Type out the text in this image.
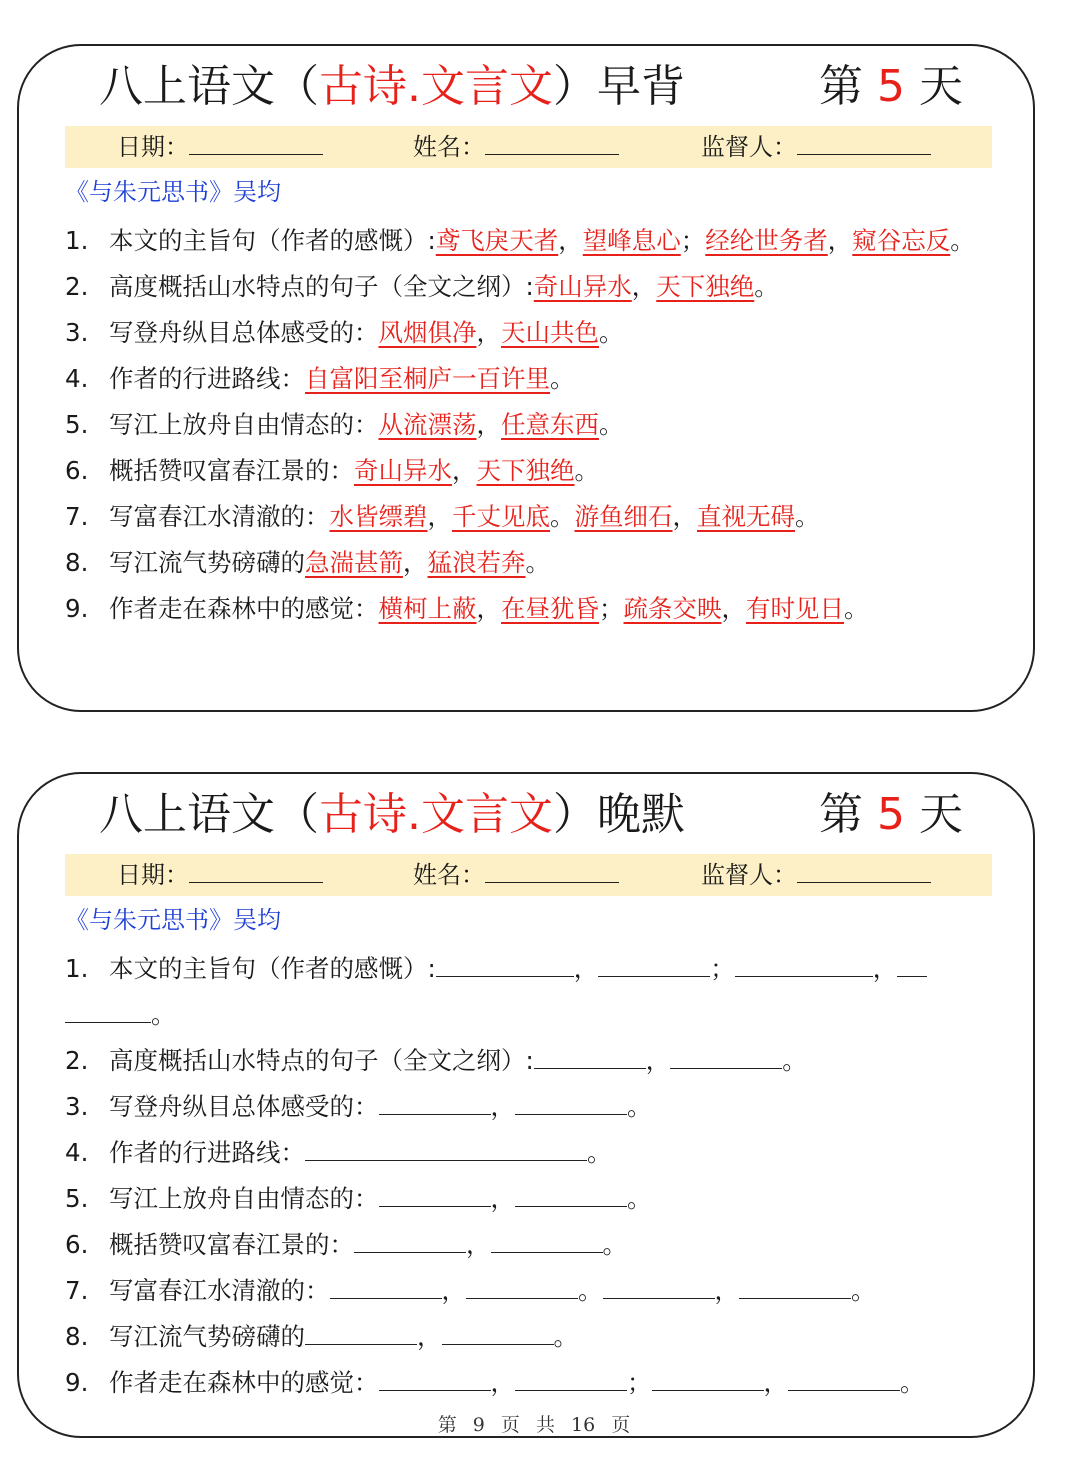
八上语文（古诗.文言文）早背	第 5 天
日期：	姓名：	监督人：
《与朱元思书》吴均
1. 本文的主旨句（作者的感慨）:鸢飞戾天者，望峰息心；经纶世务者，窥谷忘反。
2. 高度概括山水特点的句子（全文之纲）:奇山异水，天下独绝。
3. 写登舟纵目总体感受的：风烟俱净，天山共色。
4. 作者的行进路线：自富阳至桐庐一百许里。
5. 写江上放舟自由情态的：从流漂荡，任意东西。
6. 概括赞叹富春江景的：奇山异水，天下独绝。
7. 写富春江水清澈的：水皆缥碧，千丈见底。游鱼细石，直视无碍。
8. 写江流气势磅礴的急湍甚箭，猛浪若奔。
9. 作者走在森林中的感觉：横柯上蔽，在昼犹昏；疏条交映，有时见日。
八上语文（古诗.文言文）晚默	第 5 天
日期：	姓名：	监督人：
《与朱元思书》吴均
1. 本文的主旨句（作者的感慨）:	，	；	，
。
2. 高度概括山水特点的句子（全文之纲）:	，	。
3. 写登舟纵目总体感受的：	，	。
4. 作者的行进路线：	。
5. 写江上放舟自由情态的：	，	。
6. 概括赞叹富春江景的：	，	。
7. 写富春江水清澈的：	，	。	，	。
8. 写江流气势磅礴的	，	。
9. 作者走在森林中的感觉：	，	；	，	。
第 9 页 共 16 页
